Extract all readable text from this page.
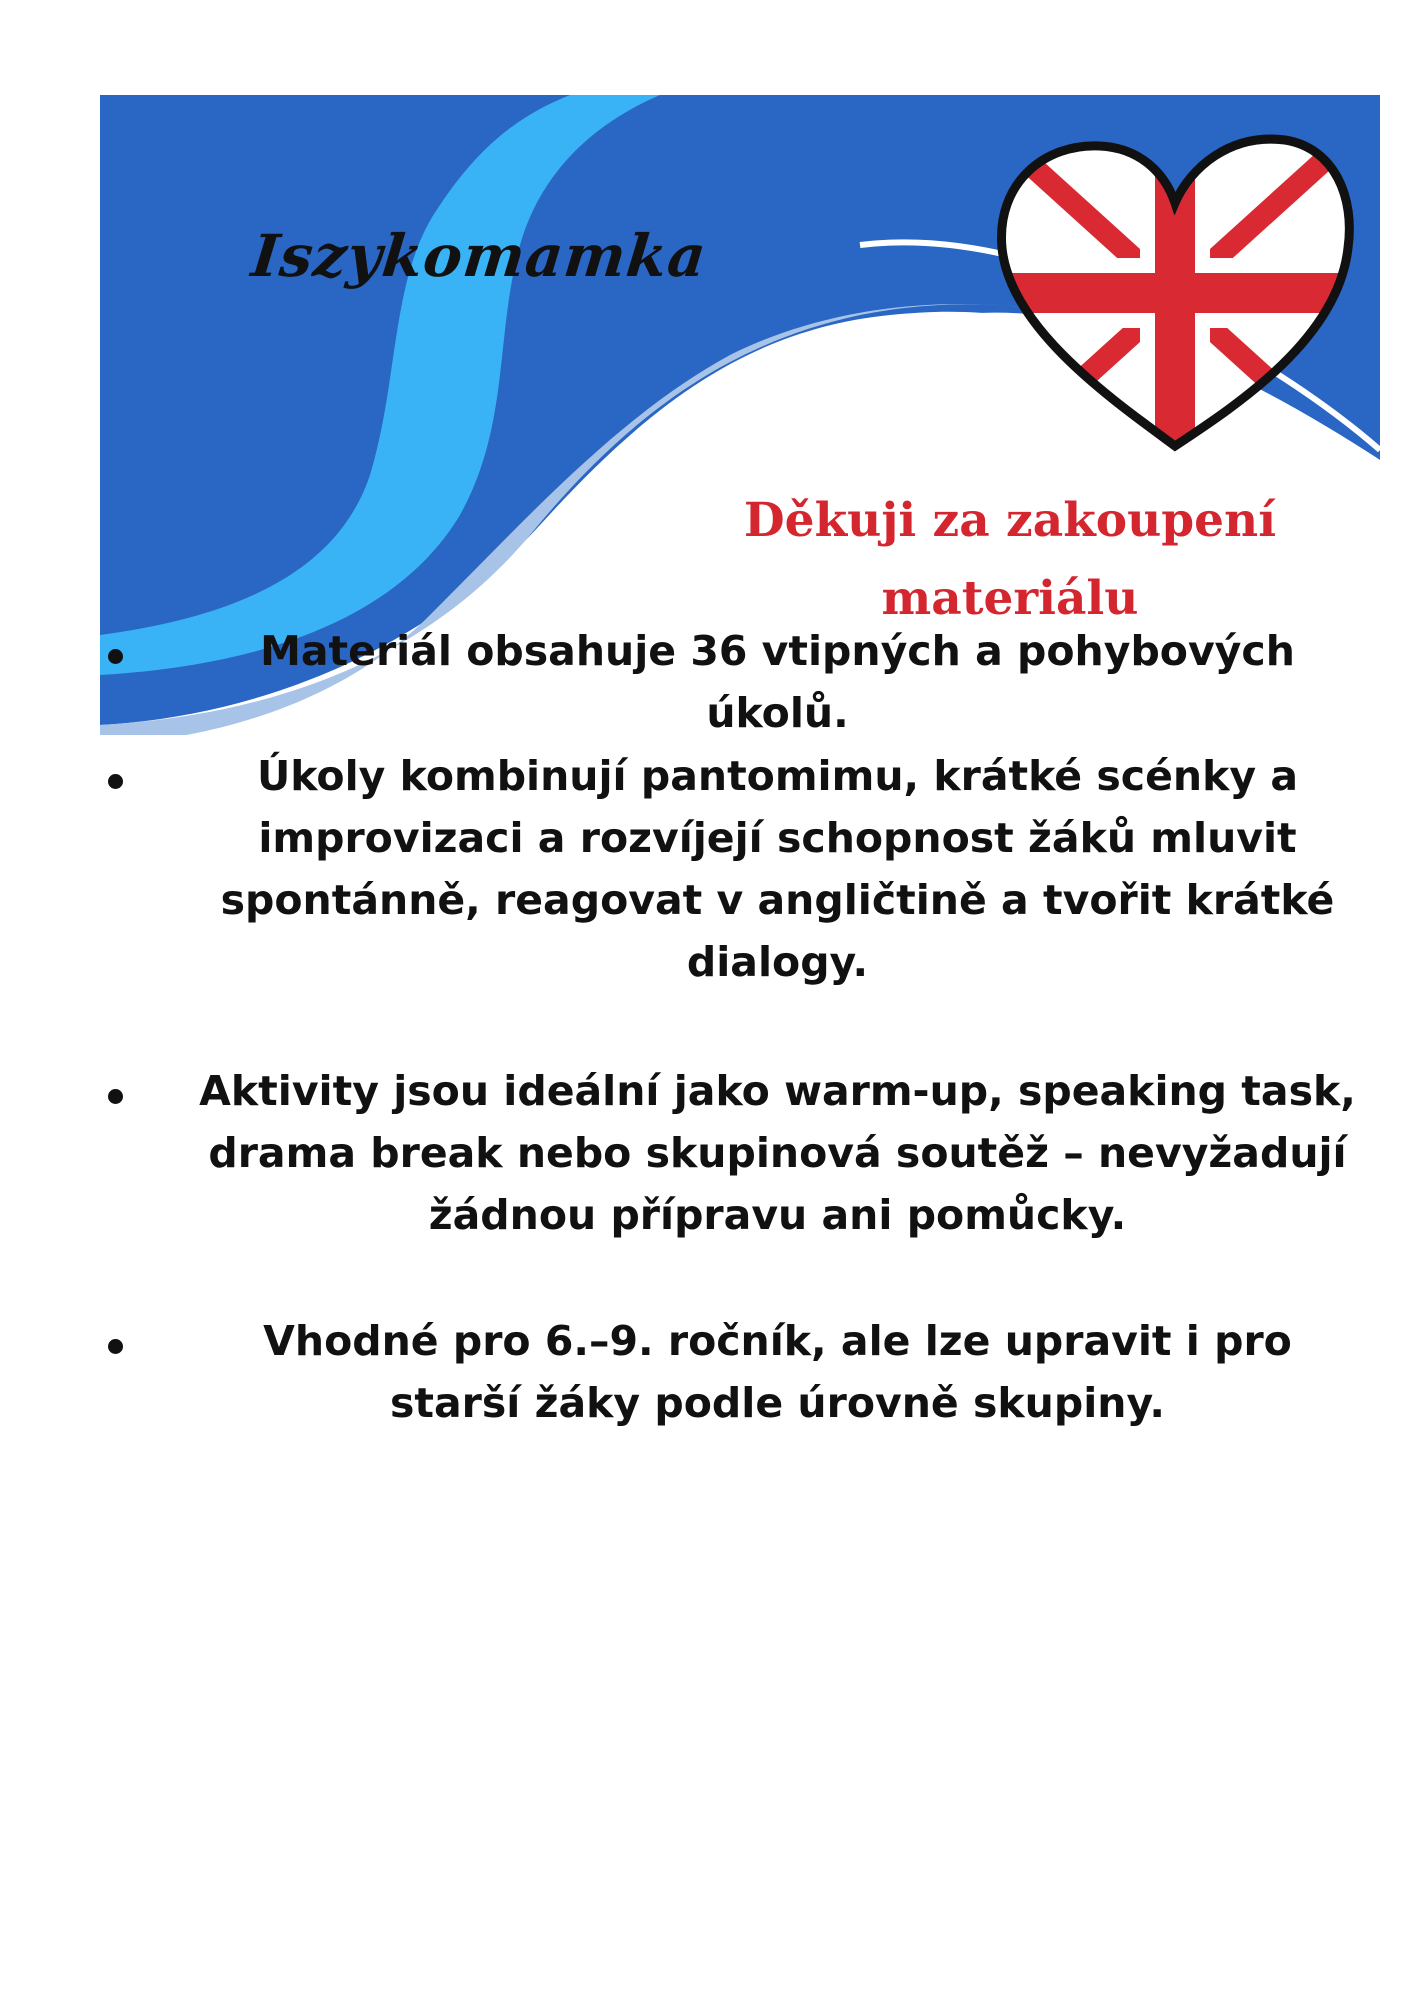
Iszykomamka
Děkuji za zakoupení materiálu
Materiál obsahuje 36 vtipných a pohybových úkolů.
Úkoly kombinují pantomimu, krátké scénky a improvizaci a rozvíjejí schopnost žáků mluvit spontánně, reagovat v angličtině a tvořit krátké dialogy.
Aktivity jsou ideální jako warm-up, speaking task, drama break nebo skupinová soutěž – nevyžadují žádnou přípravu ani pomůcky.
Vhodné pro 6.–9. ročník, ale lze upravit i pro starší žáky podle úrovně skupiny.
